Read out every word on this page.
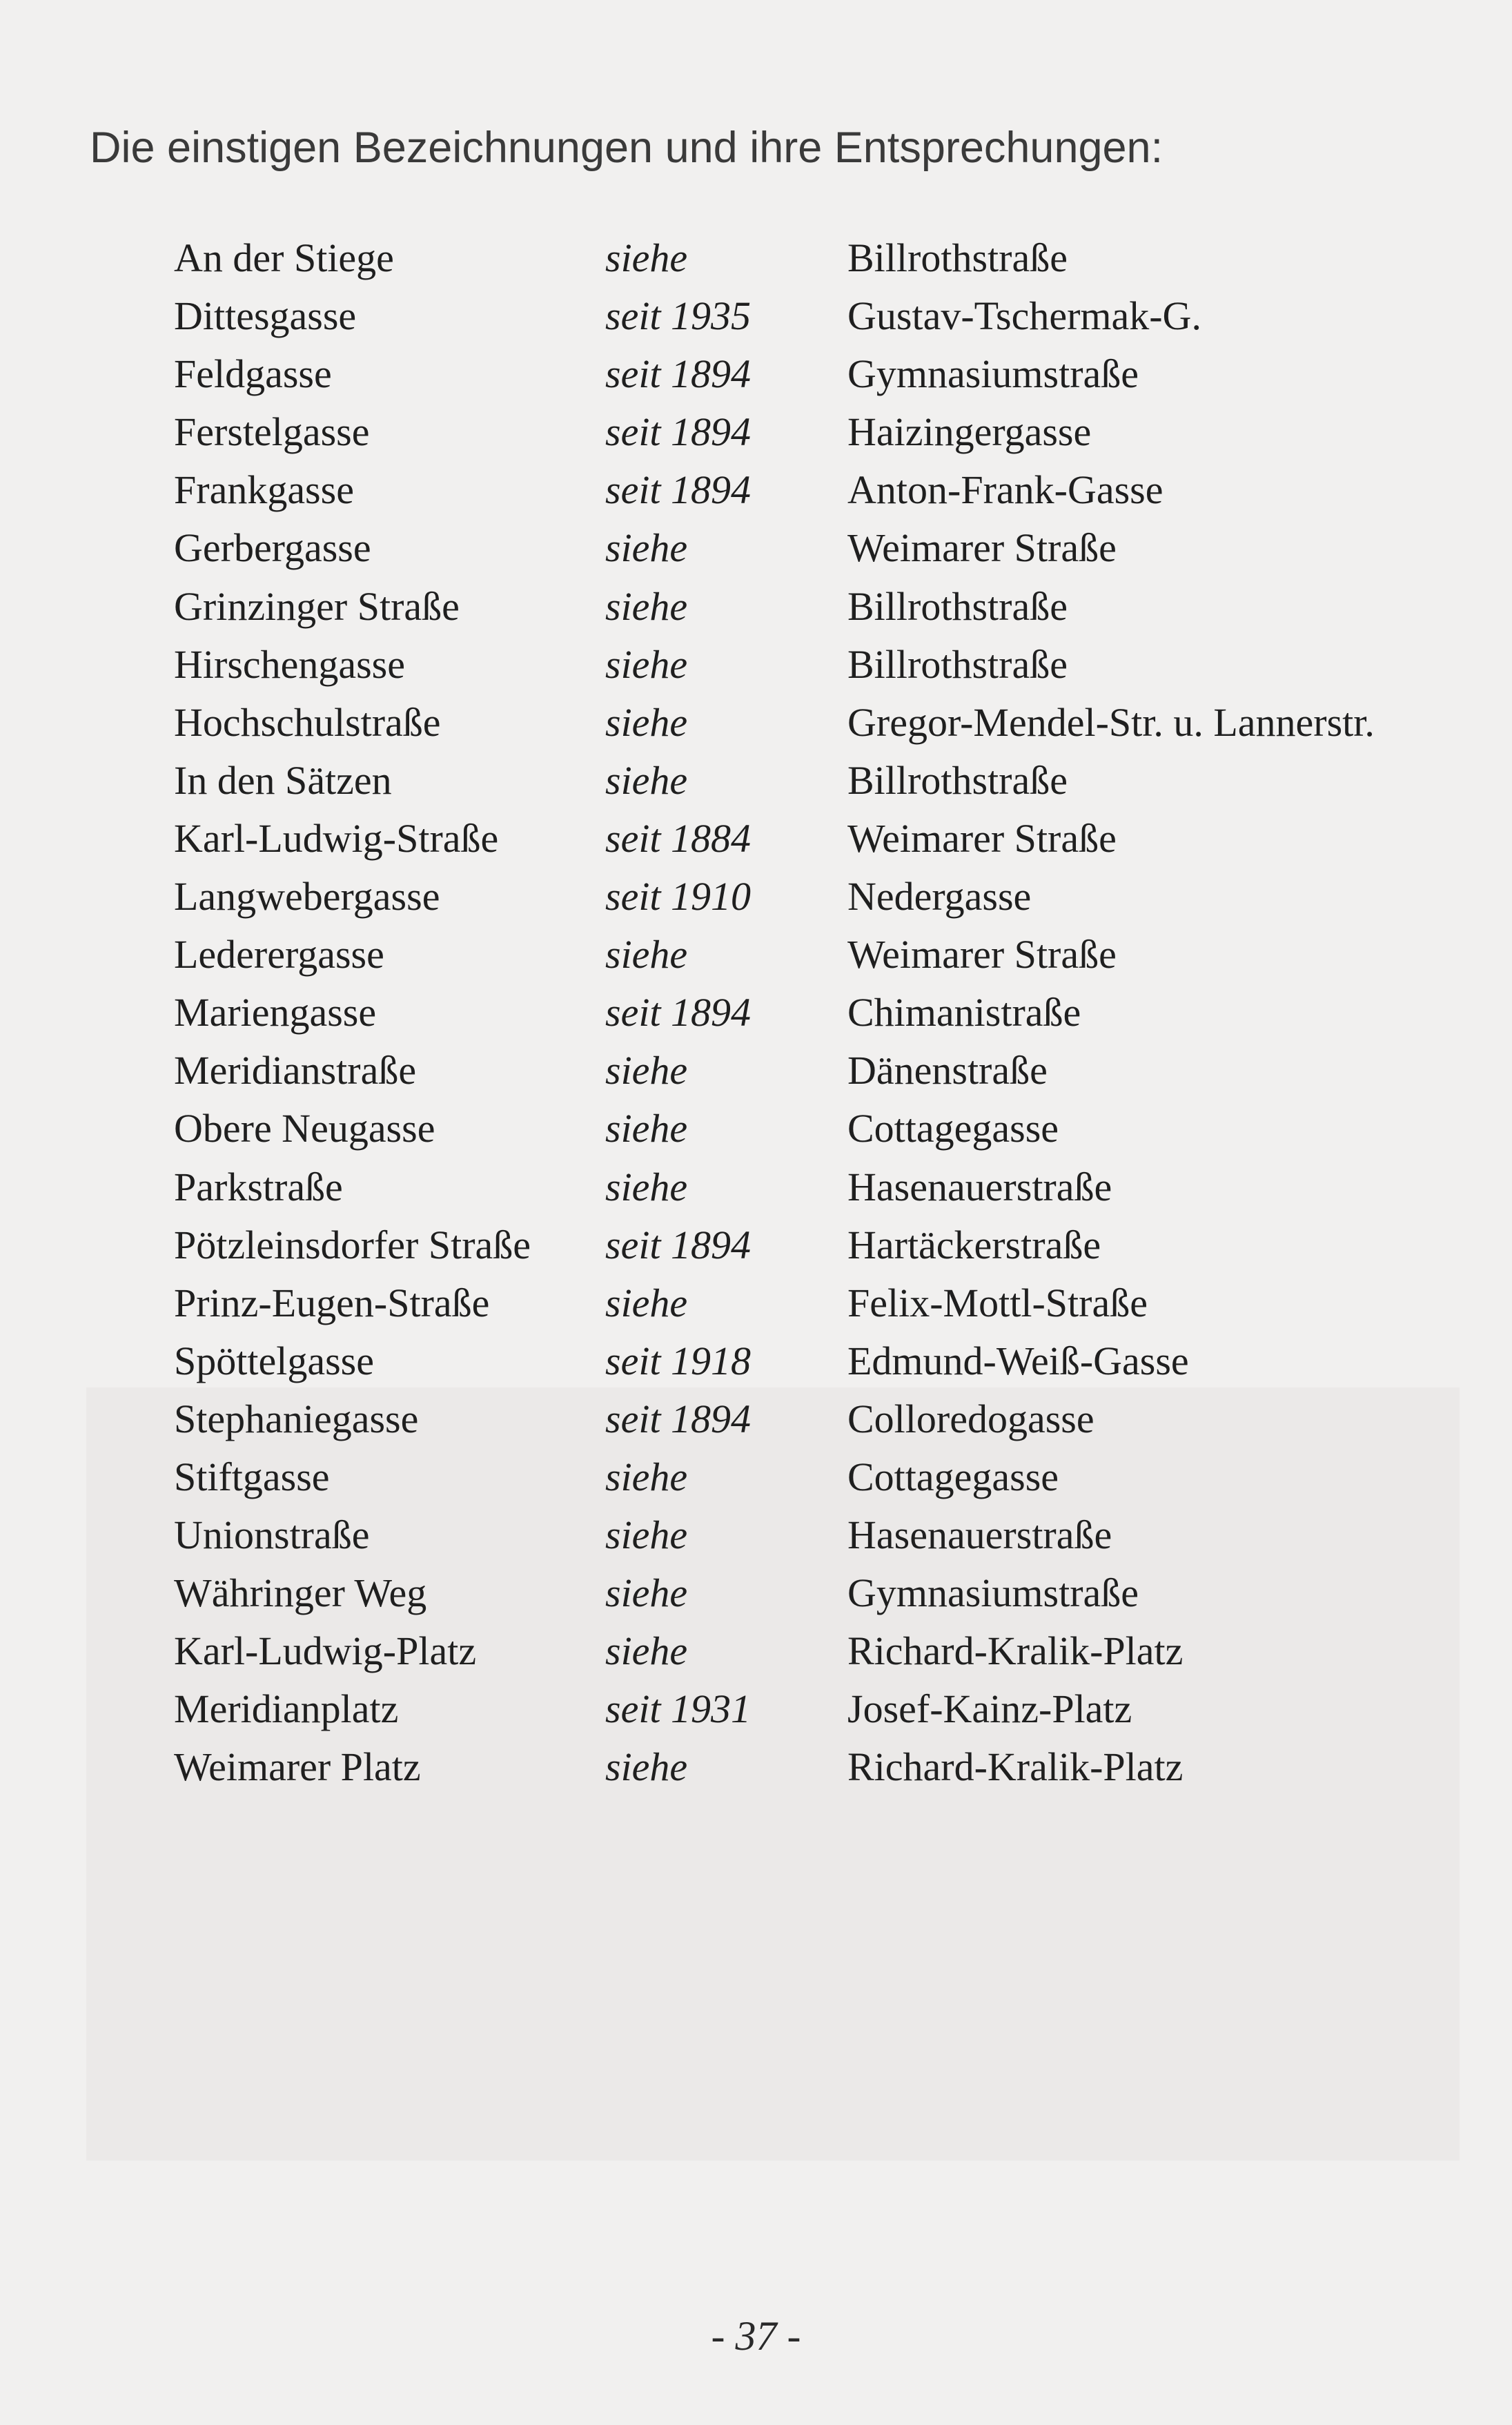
Die einstigen Bezeichnungen und ihre Entsprechungen:
An der Stiege	siehe	Billrothstraße
Dittesgasse	seit 1935 Gustav-Tschermak-G.
Feldgasse	seit 1894 Gymnasiumstraße
Ferstelgasse	seit 1894 Haizingergasse
Frankgasse	seit 1894 Anton-Frank-Gasse
Gerbergasse	siehe	Weimarer Straße
Grinzinger Straße	siehe	Billrothstraße
Hirschengasse	siehe	Billrothstraße
Hochschulstraße	siehe	Gregor-Mendel-Str. u. Lannerstr.
In den Sätzen	siehe	Billrothstraße
Karl-Ludwig-Straße	seit 1884 Weimarer Straße
Langwebergasse	seit 1910 Nedergasse
Lederergasse	siehe	Weimarer Straße
Mariengasse	seit 1894 Chimanistraße
Meridianstraße	siehe	Dänenstraße
Obere Neugasse	siehe	Cottagegasse
Parkstraße	siehe	Hasenauerstraße
Pötzleinsdorfer Straße seit 1894 Hartäckerstraße
Prinz-Eugen-Straße	siehe	Felix-Mottl-Straße
Spöttelgasse	seit 1918 Edmund-Weiß-Gasse
Stephaniegasse	seit 1894 Colloredogasse
Stiftgasse	siehe	Cottagegasse
Unionstraße	siehe	Hasenauerstraße
Währinger Weg	siehe	Gymnasiumstraße
Karl-Ludwig-Platz	siehe	Richard-Kralik-Platz
Meridianplatz	seit 1931 Josef-Kainz-Platz
Weimarer Platz	siehe	Richard-Kralik-Platz
- 37 -
